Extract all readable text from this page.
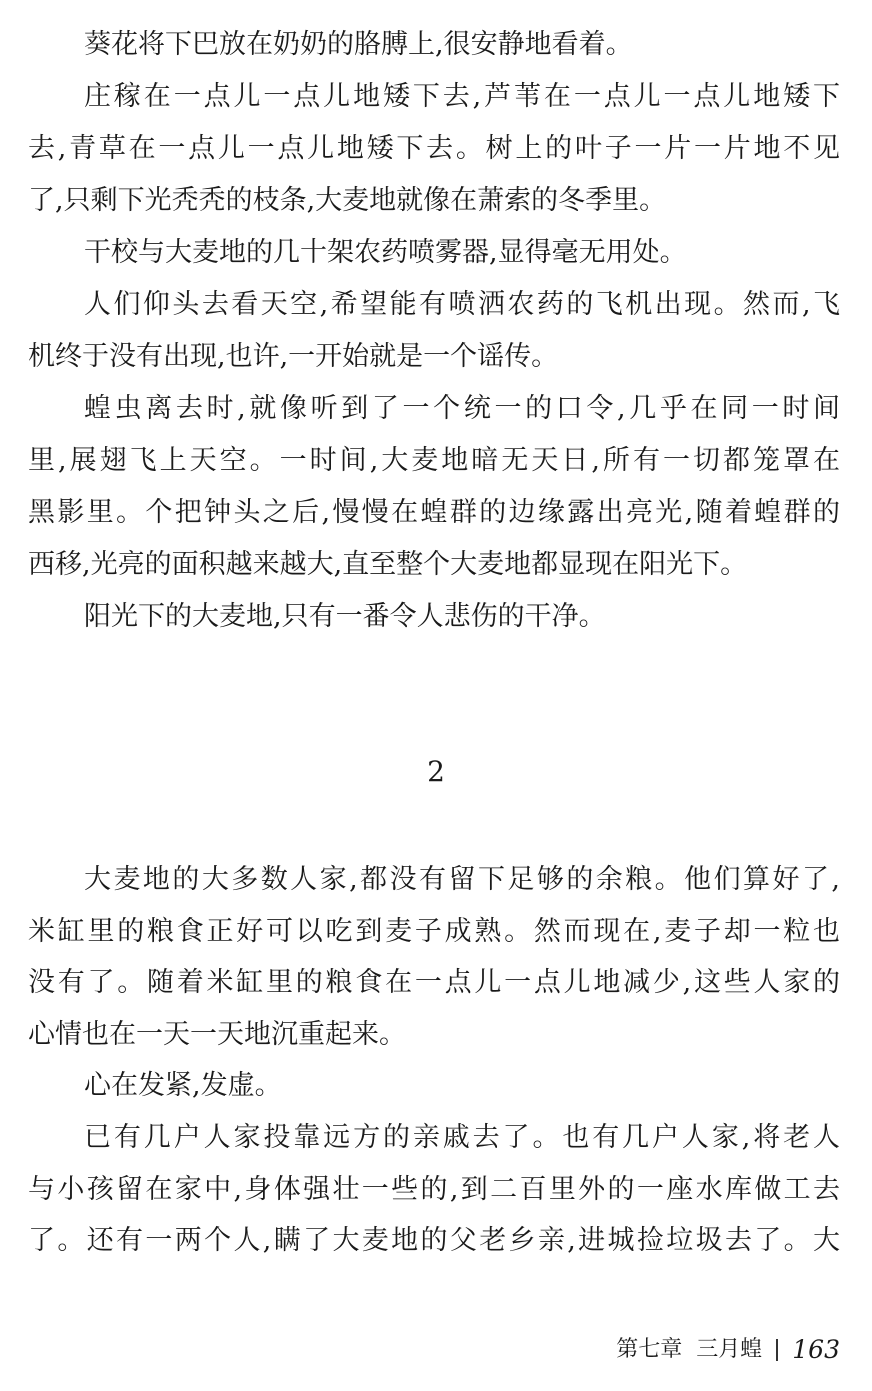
葵花将下巴放在奶奶的胳膊上,很安静地看着。
庄稼在一点儿一点儿地矮下去,芦苇在一点儿一点儿地矮下
去,青草在一点儿一点儿地矮下去。树上的叶子一片一片地不见
了,只剩下光秃秃的枝条,大麦地就像在萧索的冬季里。
干校与大麦地的几十架农药喷雾器,显得毫无用处。
人们仰头去看天空,希望能有喷洒农药的飞机出现。然而,飞
机终于没有出现,也许,一开始就是一个谣传。
蝗虫离去时,就像听到了一个统一的口令,几乎在同一时间
里,展翅飞上天空。一时间,大麦地暗无天日,所有一切都笼罩在
黑影里。个把钟头之后,慢慢在蝗群的边缘露出亮光,随着蝗群的
西移,光亮的面积越来越大,直至整个大麦地都显现在阳光下。
阳光下的大麦地,只有一番令人悲伤的干净。
2
大麦地的大多数人家,都没有留下足够的余粮。他们算好了,
米缸里的粮食正好可以吃到麦子成熟。然而现在,麦子却一粒也
没有了。随着米缸里的粮食在一点儿一点儿地减少,这些人家的
心情也在一天一天地沉重起来。
心在发紧,发虚。
已有几户人家投靠远方的亲戚去了。也有几户人家,将老人
与小孩留在家中,身体强壮一些的,到二百里外的一座水库做工去
了。还有一两个人,瞒了大麦地的父老乡亲,进城捡垃圾去了。大
第七章 三月蝗 163
